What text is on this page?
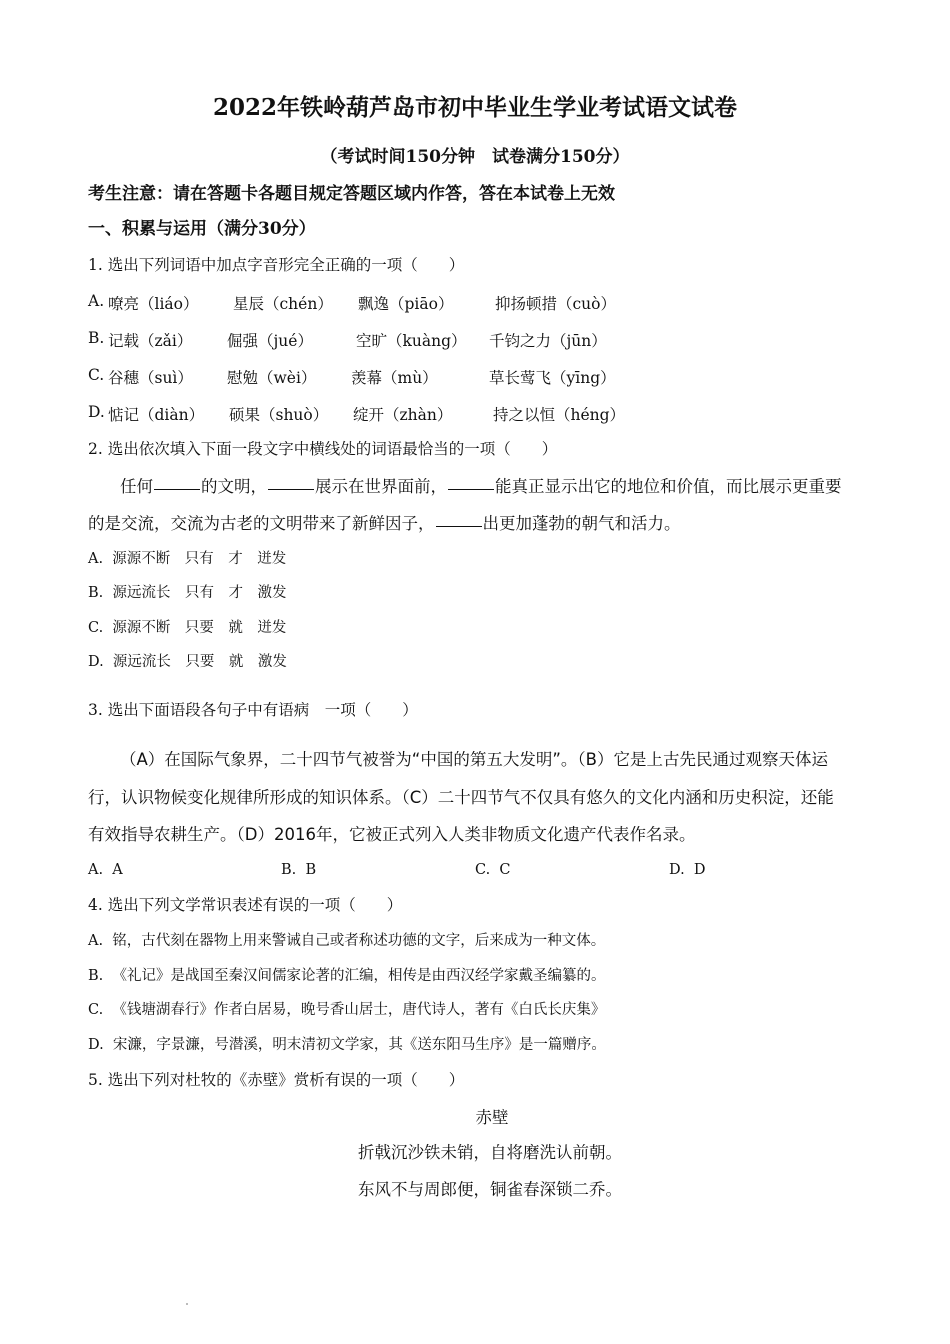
2022年铁岭葫芦岛市初中毕业生学业考试语文试卷
（考试时间150分钟　试卷满分150分）
考生注意：请在答题卡各题目规定答题区域内作答，答在本试卷上无效
一、积累与运用（满分30分）
1. 选出下列词语中加点字音形完全正确的一项（　　）
A. 嘹亮（liáo） 星辰（chén） 飘逸（piāo）	抑扬顿措（cuò）
B. 记载（zǎi） 倔强（jué）	空旷（kuàng） 千钧之力（jūn）
C. 谷穗（suì） 慰勉（wèi） 羡幕（mù）	草长莺飞（yīng）
D. 惦记（diàn） 硕果（shuò） 绽开（zhàn）	持之以恒（héng）
2. 选出依次填入下面一段文字中横线处的词语最恰当的一项（　　）
任何	的文明，	展示在世界面前，	能真正显示出它的地位和价值，而比展示更重要
的是交流，交流为古老的文明带来了新鲜因子，	出更加蓬勃的朝气和活力。
A.  源源不断　只有　才　迸发
B.  源远流长　只有　才　激发
C.  源源不断　只要　就　迸发
D.  源远流长　只要　就　激发
3. 选出下面语段各句子中有语病　一项（　　）
（A）在国际气象界，二十四节气被誉为“中国的第五大发明”。（B）它是上古先民通过观察天体运
行，认识物候变化规律所形成的知识体系。（C）二十四节气不仅具有悠久的文化内涵和历史积淀，还能
有效指导农耕生产。（D）2016年，它被正式列入人类非物质文化遗产代表作名录。
A.  A	B.  B	C.  C	D.  D
4. 选出下列文学常识表述有误的一项（　　）
A.  铭，古代刻在器物上用来警诫自己或者称述功德的文字，后来成为一种文体。
B.  《礼记》是战国至秦汉间儒家论著的汇编，相传是由西汉经学家戴圣编纂的。
C.  《钱塘湖春行》作者白居易，晚号香山居士，唐代诗人，著有《白氏长庆集》
D.  宋濂，字景濂，号潜溪，明末清初文学家，其《送东阳马生序》是一篇赠序。
5. 选出下列对杜牧的《赤壁》赏析有误的一项（　　）
赤壁
折戟沉沙铁未销，自将磨洗认前朝。
东风不与周郎便，铜雀春深锁二乔。
